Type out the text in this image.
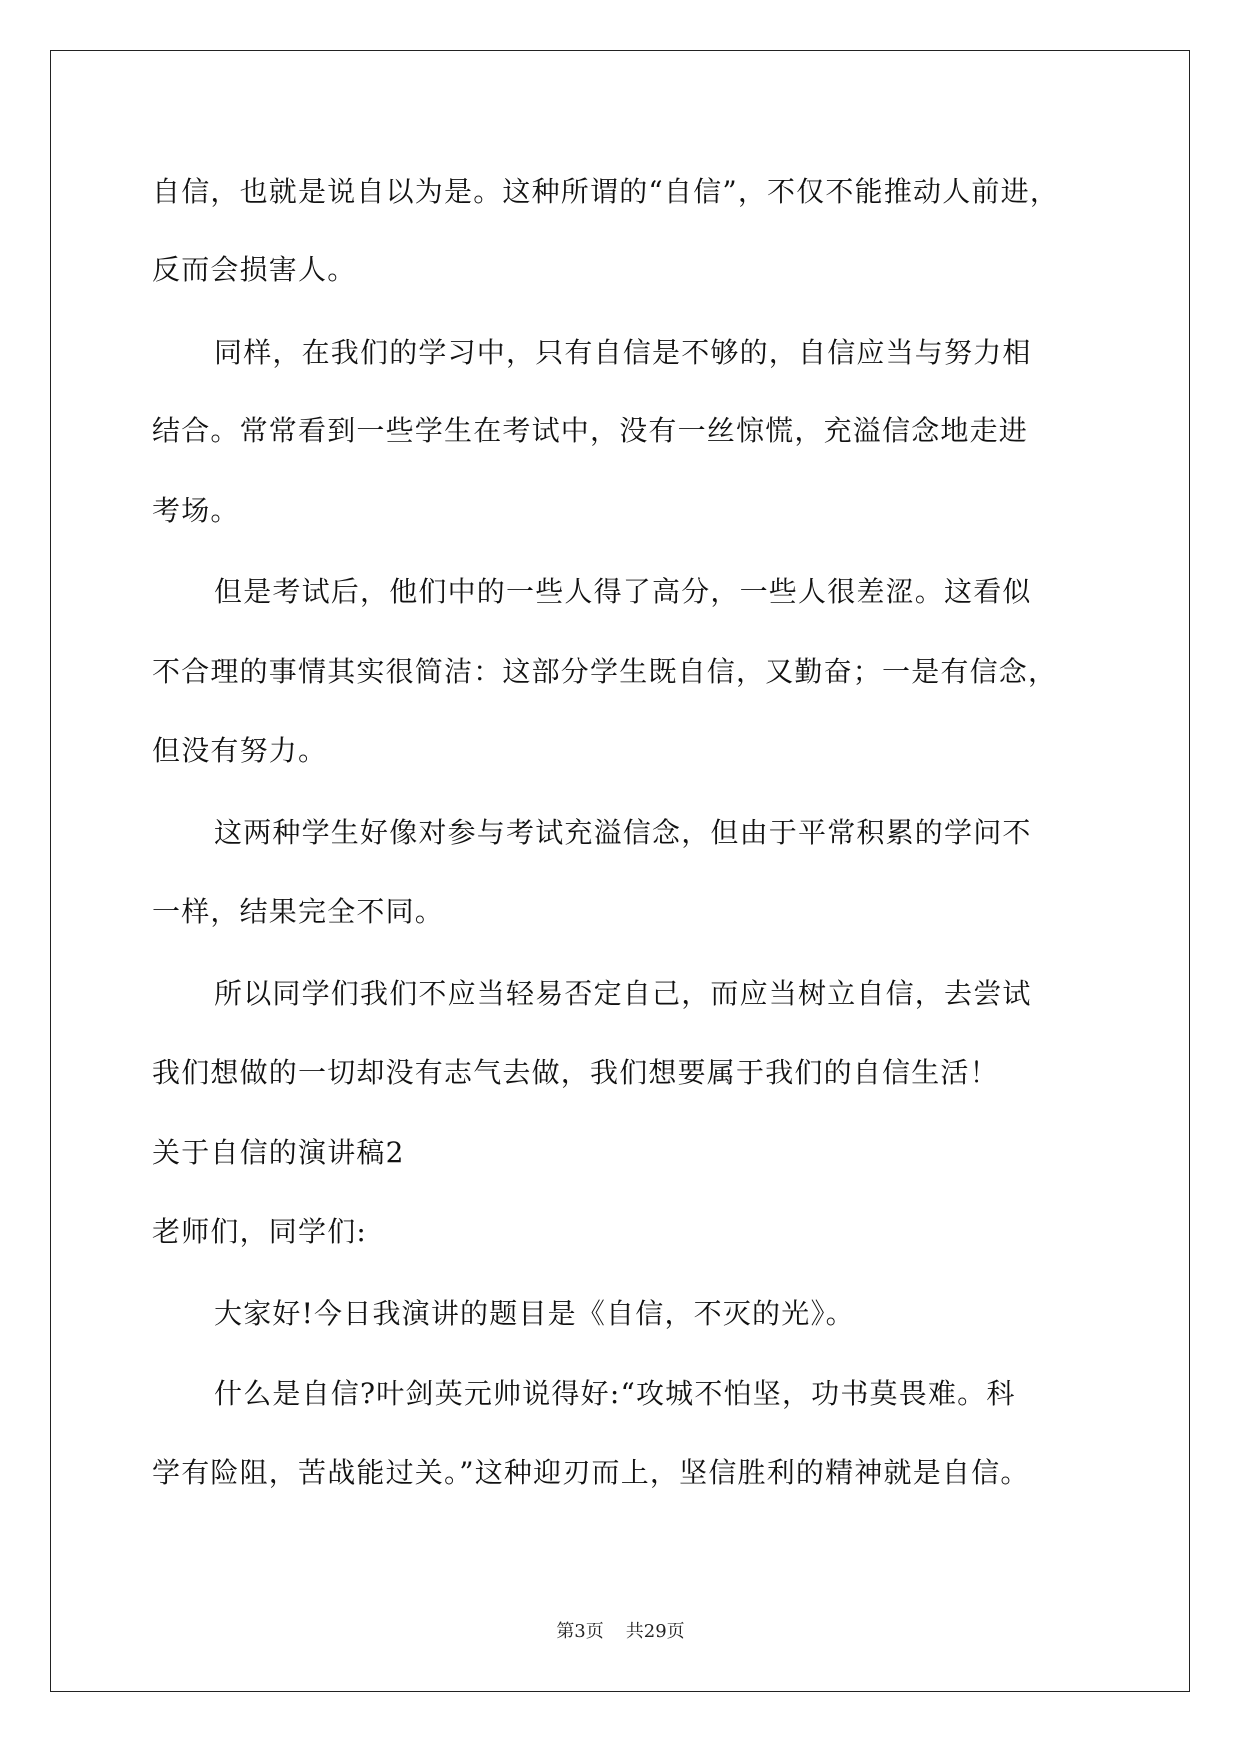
自信，也就是说自以为是。这种所谓的“自信”，不仅不能推动人前进，
反而会损害人。
同样，在我们的学习中，只有自信是不够的，自信应当与努力相
结合。常常看到一些学生在考试中，没有一丝惊慌，充溢信念地走进
考场。
但是考试后，他们中的一些人得了高分，一些人很差涩。这看似
不合理的事情其实很简洁：这部分学生既自信，又勤奋；一是有信念，
但没有努力。
这两种学生好像对参与考试充溢信念，但由于平常积累的学问不
一样，结果完全不同。
所以同学们我们不应当轻易否定自己，而应当树立自信，去尝试
我们想做的一切却没有志气去做，我们想要属于我们的自信生活！
关于自信的演讲稿2
老师们，同学们:
大家好!今日我演讲的题目是《自信，不灭的光》。
什么是自信?叶剑英元帅说得好:“攻城不怕坚，功书莫畏难。科
学有险阻，苦战能过关。”这种迎刃而上，坚信胜利的精神就是自信。
第3页 共29页
